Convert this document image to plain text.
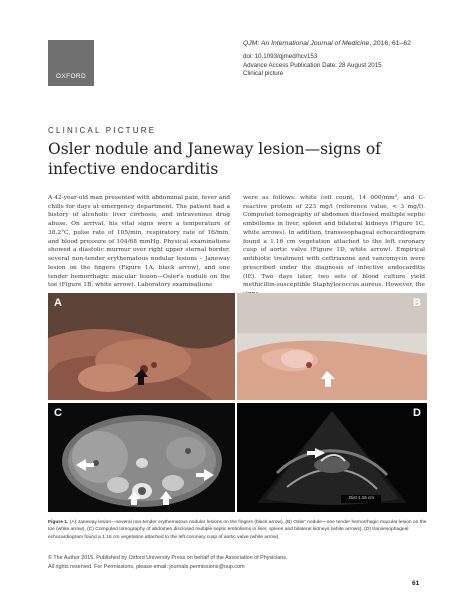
OXFORD
QJM: An International Journal of Medicine, 2016, 61–62
doi: 10.1093/qjmed/hcv153
Advance Access Publication Date: 28 August 2015
Clinical picture
CLINICAL PICTURE
Osler nodule and Janeway lesion—signs of infective endocarditis

A 42-year-old man presented with abdominal pain, fever and chills for days at emergency department. The patient had a history of alcoholic liver cirrhosis, and intravenous drug abuse. On arrival, his vital signs were a temperature of 38.2°C, pulse rate of 105/min, respiratory rate of 16/min, and blood pressure of 104/68 mmHg. Physical examinations showed a diastolic murmur over right upper sternal border, several non-tender erythematous nodular lesions – Janeway lesion on the fingers (Figure 1A, black arrow), and one tender hemorrhagic macular lesion—Osler's nodule on the toe (Figure 1B, white arrow). Laboratory examinations

were as follows: white cell count, 14 000/mm³, and C-reactive protein of 223 mg/l (reference value, < 3 mg/l). Computed tomography of abdomen disclosed multiple septic embolisms in liver, spleen and bilateral kidneys (Figure 1C, white arrows). In addition, transesophageal echocardiogram found a 1.16 cm vegetation attached to the left coronary cusp of aortic valve (Figure 1D, white arrow). Empirical antibiotic treatment with ceftriaxone and vancomycin were prescribed under the diagnosis of infective endocarditis (IE). Two days later, two sets of blood culture yield methicillin-susceptible Staphylococcus aureus. However, the

A	B
C	D
Dist 1.16 cm
Figure 1. (A) Janeway lesion—several non-tender erythematous nodular lesions on the fingers (black arrow), (B) Osler' nodule—one tender hemorrhagic macular lesion on the toe (white arrow), (C) Computed tomography of abdomen disclosed multiple septic embolisms in liver, spleen and bilateral kidneys (white arrows), (D) transesophageal echocardiogram found a 1.16 cm vegetation attached to the left coronary cusp of aortic valve (white arrow).
© The Author 2015. Published by Oxford University Press on behalf of the Association of Physicians.
All rights reserved. For Permissions, please email: journals.permissions@oup.com
61
